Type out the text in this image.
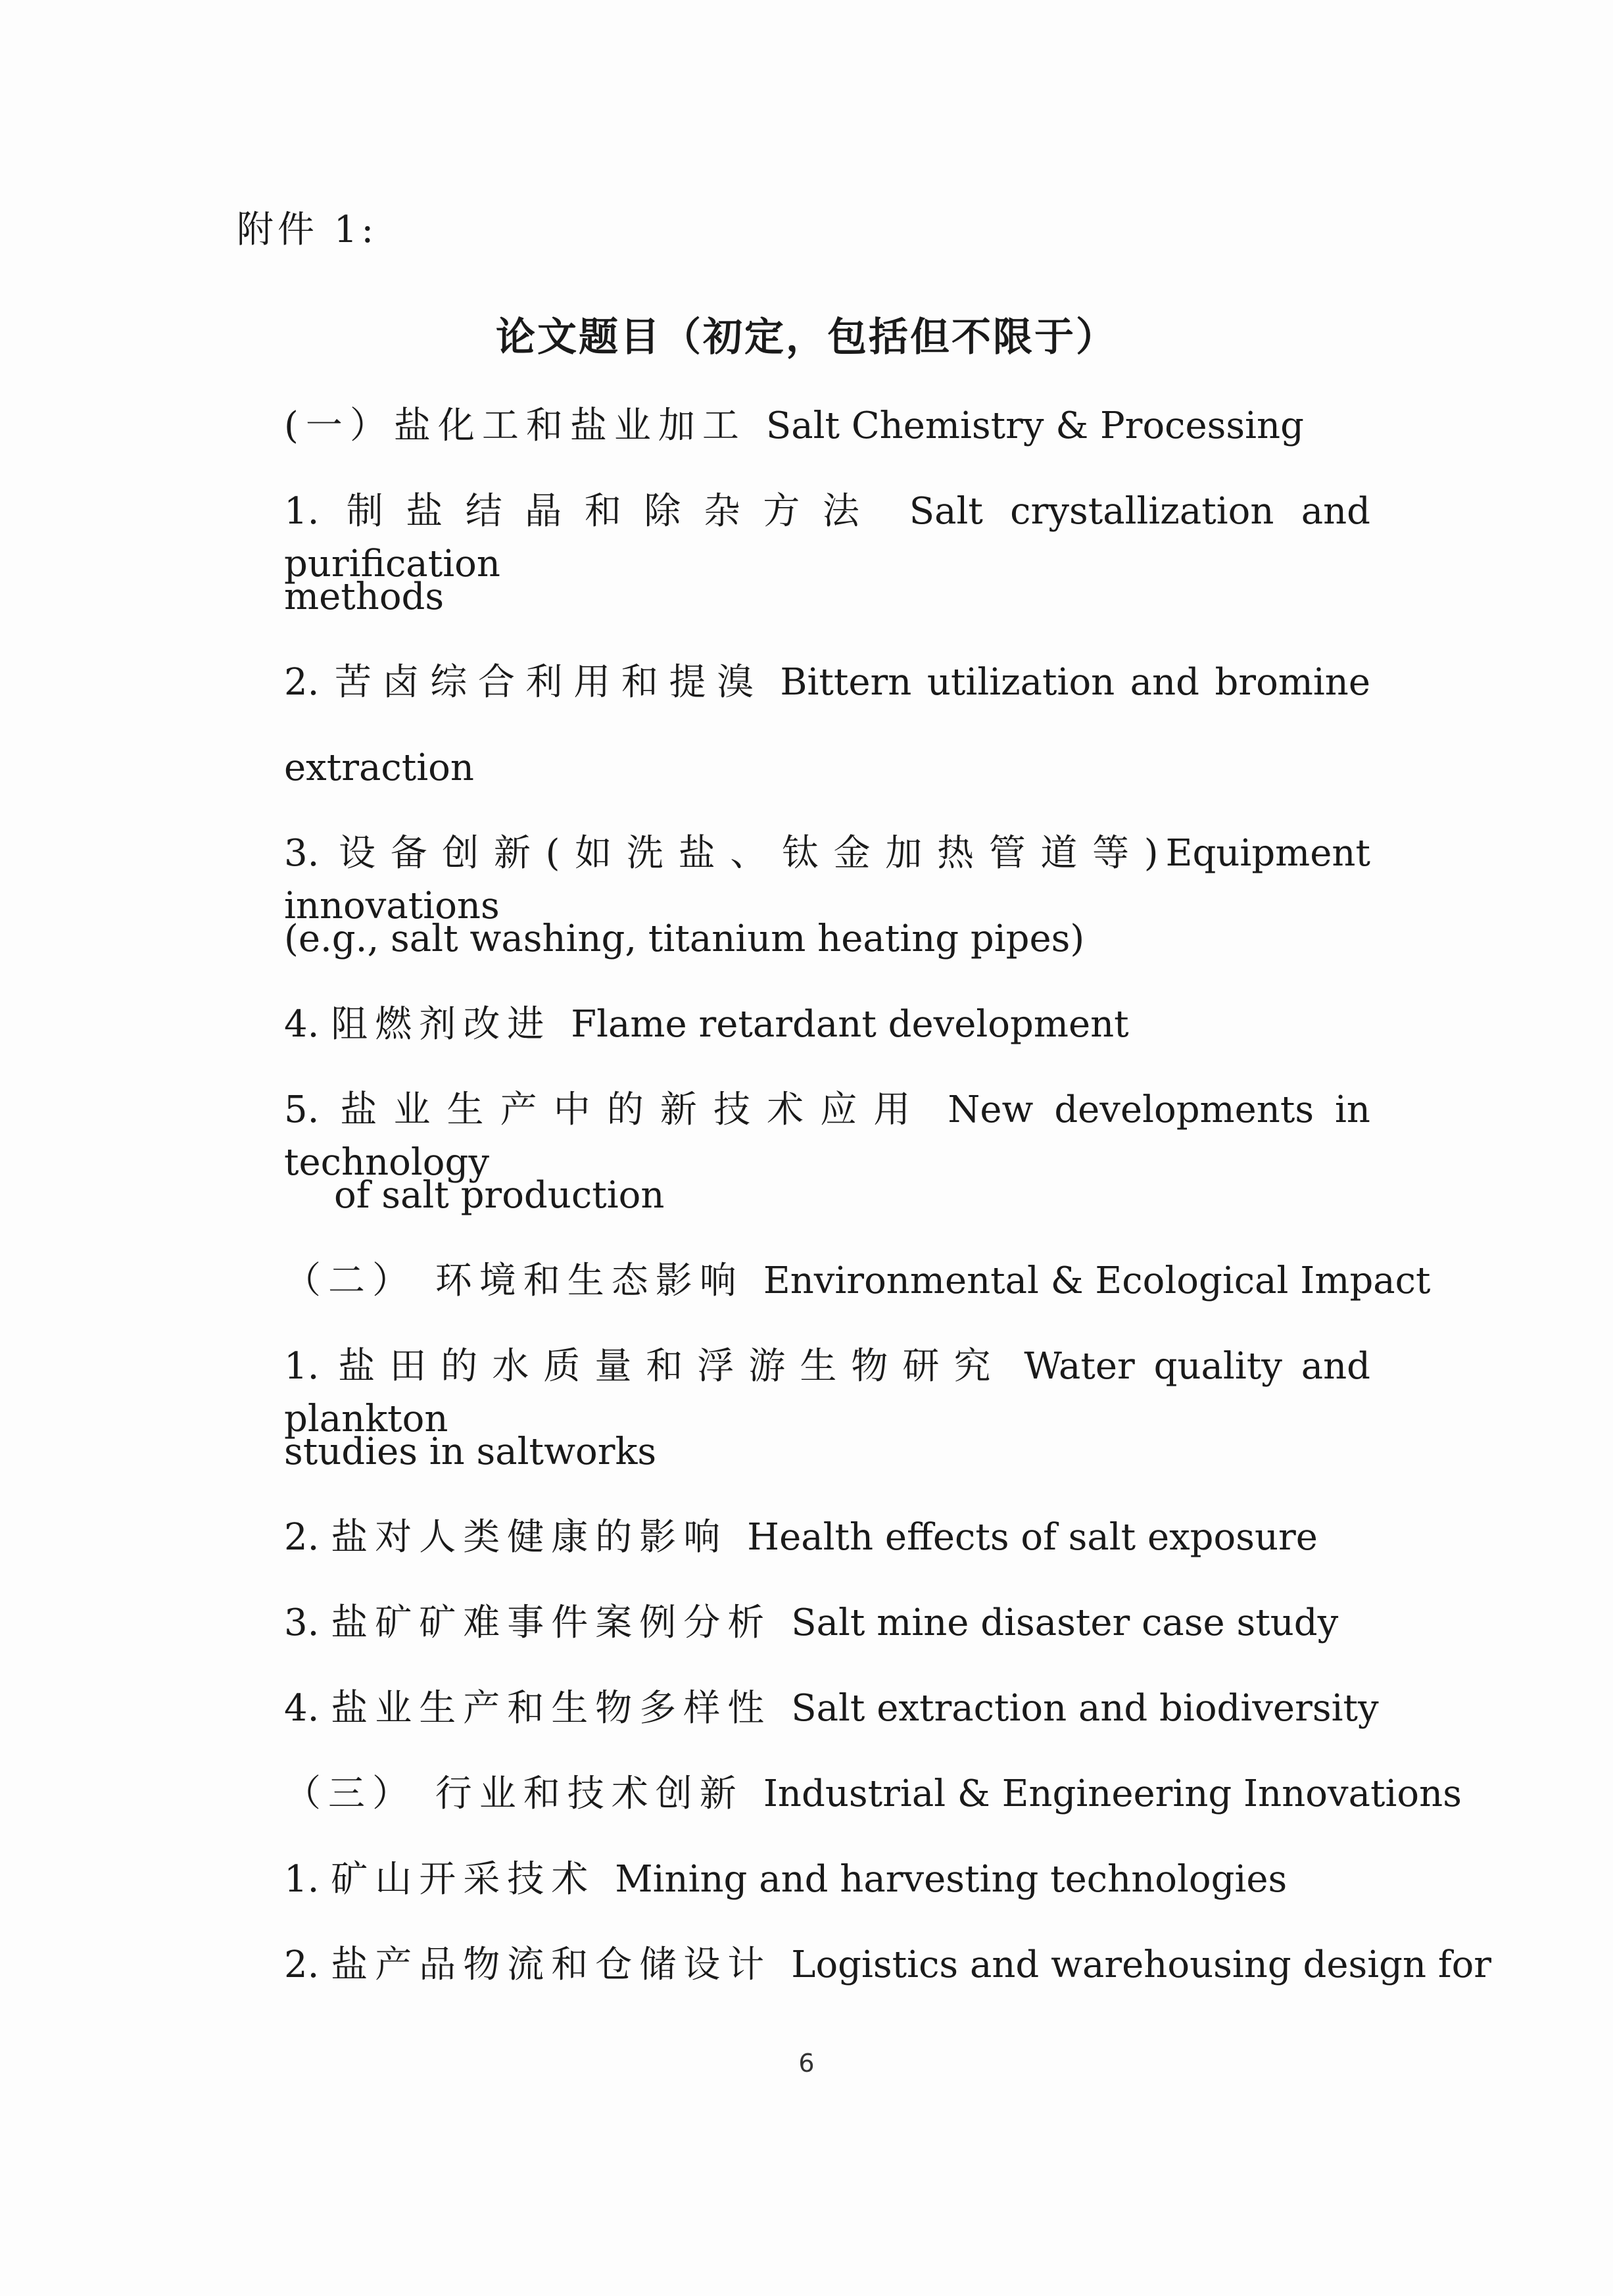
附件 1:
论文题目（初定，包括但不限于）
(一）盐化工和盐业加工 Salt Chemistry & Processing
1. 制盐结晶和除杂方法 Salt crystallization and purification
methods
2. 苦卤综合利用和提溴 Bittern utilization and bromine
extraction
3. 设备创新(如洗盐、钛金加热管道等)Equipment innovations
(e.g., salt washing, titanium heating pipes)
4. 阻燃剂改进 Flame retardant development
5. 盐业生产中的新技术应用 New developments in technology
of salt production
（二） 环境和生态影响 Environmental & Ecological Impact
1. 盐田的水质量和浮游生物研究 Water quality and plankton
studies in saltworks
2. 盐对人类健康的影响 Health effects of salt exposure
3. 盐矿矿难事件案例分析 Salt mine disaster case study
4. 盐业生产和生物多样性 Salt extraction and biodiversity
（三） 行业和技术创新 Industrial & Engineering Innovations
1. 矿山开采技术 Mining and harvesting technologies
2. 盐产品物流和仓储设计 Logistics and warehousing design for
6
